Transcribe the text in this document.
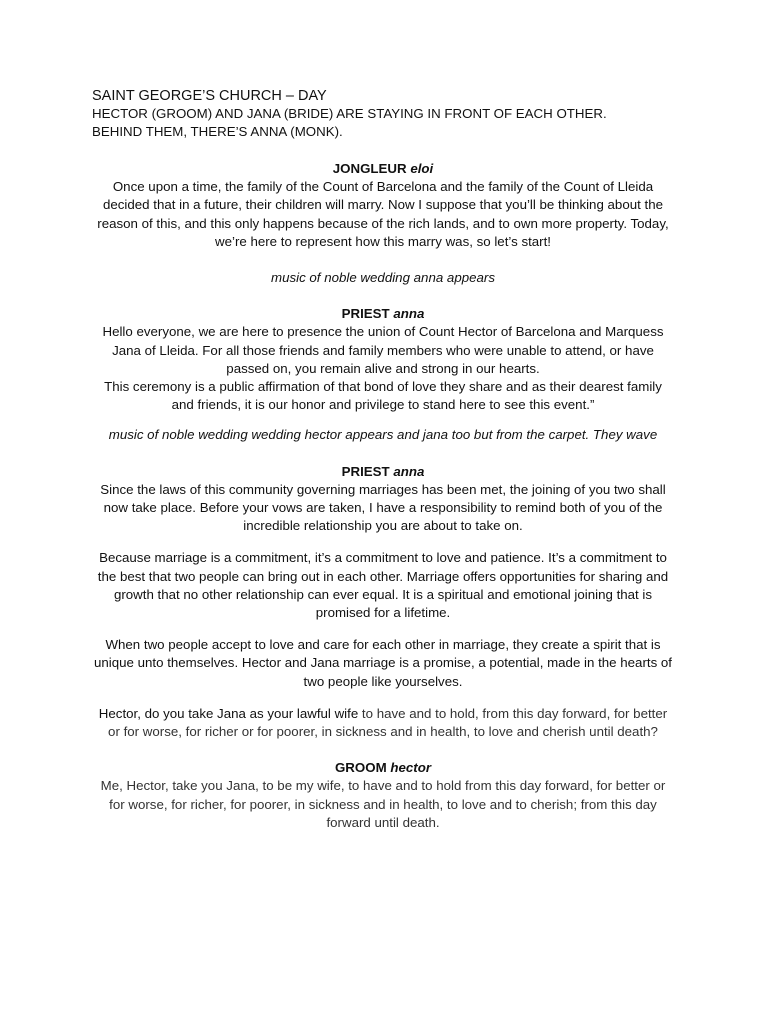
SAINT GEORGE’S CHURCH – DAY

HECTOR (GROOM) AND JANA (BRIDE) ARE STAYING IN FRONT OF EACH OTHER.

BEHIND THEM, THERE’S ANNA (MONK).

JONGLEUR eloi

Once upon a time, the family of the Count of Barcelona and the family of the Count of Lleida decided that in a future, their children will marry. Now I suppose that you’ll be thinking about the reason of this, and this only happens because of the rich lands, and to own more property. Today, we’re here to represent how this marry was, so let’s start!

music of noble wedding anna appears

PRIEST anna

Hello everyone, we are here to presence the union of Count Hector of Barcelona and Marquess Jana of Lleida. For all those friends and family members who were unable to attend, or have passed on, you remain alive and strong in our hearts.

This ceremony is a public affirmation of that bond of love they share and as their dearest family and friends, it is our honor and privilege to stand here to see this event.”

music of noble wedding wedding hector appears and jana too but from the carpet. They wave

PRIEST anna

Since the laws of this community governing marriages has been met, the joining of you two shall now take place. Before your vows are taken, I have a responsibility to remind both of you of the incredible relationship you are about to take on.

Because marriage is a commitment, it’s a commitment to love and patience. It’s a commitment to the best that two people can bring out in each other. Marriage offers opportunities for sharing and growth that no other relationship can ever equal. It is a spiritual and emotional joining that is promised for a lifetime.

When two people accept to love and care for each other in marriage, they create a spirit that is unique unto themselves. Hector and Jana marriage is a promise, a potential, made in the hearts of two people like yourselves.

Hector, do you take Jana as your lawful wife to have and to hold, from this day forward, for better or for worse, for richer or for poorer, in sickness and in health, to love and cherish until death?

GROOM hector

Me, Hector, take you Jana, to be my wife, to have and to hold from this day forward, for better or for worse, for richer, for poorer, in sickness and in health, to love and to cherish; from this day forward until death.
